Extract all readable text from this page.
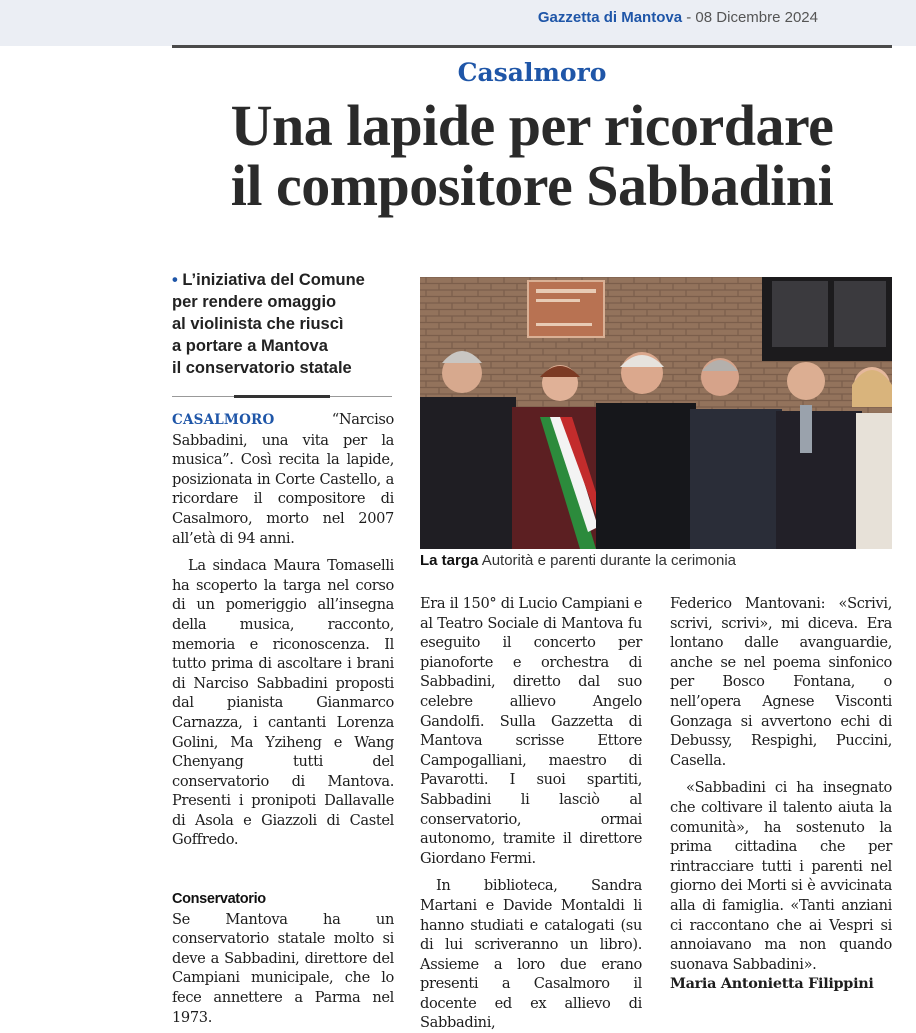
Gazzetta di Mantova - 08 Dicembre 2024
Casalmoro
Una lapide per ricordare
il compositore Sabbadini
• L’iniziativa del Comune
per rendere omaggio
al violinista che riuscì
a portare a Mantova
il conservatorio statale
La targa Autorità e parenti durante la cerimonia

CASALMORO	“Narciso Sabbadini, una vita per la musica”. Così recita la lapide, posizionata in Corte Castello, a ricordare il compositore di Casalmoro, morto nel 2007 all’età di 94 anni.

La sindaca Maura Tomaselli ha scoperto la targa nel corso di un pomeriggio all’insegna della musica, racconto, memoria e riconoscenza. Il tutto prima di ascoltare i brani di Narciso Sabbadini proposti dal pianista Gianmarco Carnazza, i cantanti Lorenza Golini, Ma Yziheng e Wang Chenyang tutti del conservatorio di Mantova. Presenti i pronipoti Dallavalle di Asola e Giazzoli di Castel Goffredo.

Conservatorio

Se Mantova ha un conservatorio statale molto si deve a Sabbadini, direttore del Campiani municipale, che lo fece annettere a Parma nel 1973.

Era il 150° di Lucio Campiani e al Teatro Sociale di Mantova fu eseguito il concerto per pianoforte e orchestra di Sabbadini, diretto dal suo celebre allievo Angelo Gandolfi. Sulla Gazzetta di Mantova scrisse Ettore Campogalliani, maestro di Pavarotti. I suoi spartiti, Sabbadini li lasciò al conservatorio, ormai autonomo, tramite il direttore Giordano Fermi.

In biblioteca, Sandra Martani e Davide Montaldi li hanno studiati e catalogati (su di lui scriveranno un libro). Assieme a loro due erano presenti a Casalmoro il docente ed ex allievo di Sabbadini,

Federico Mantovani: «Scrivi, scrivi, scrivi», mi diceva. Era lontano dalle avanguardie, anche se nel poema sinfonico per Bosco Fontana, o nell’opera Agnese Visconti Gonzaga si avvertono echi di Debussy, Respighi, Puccini, Casella.

«Sabbadini ci ha insegnato che coltivare il talento aiuta la comunità», ha sostenuto la prima cittadina che per rintracciare tutti i parenti nel giorno dei Morti si è avvicinata alla di famiglia. «Tanti anziani ci raccontano che ai Vespri si annoiavano ma non quando suonava Sabbadini».

Maria Antonietta Filippini
